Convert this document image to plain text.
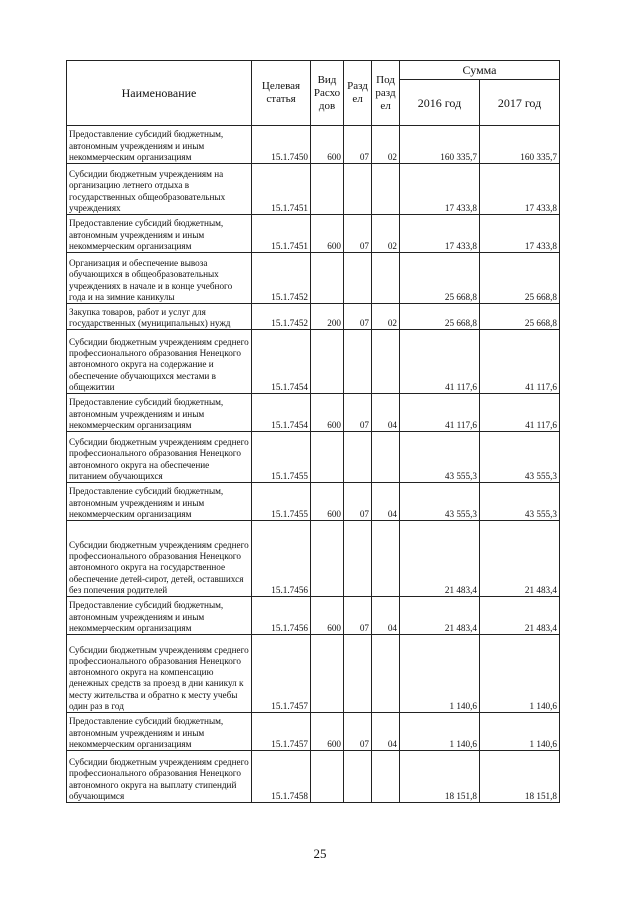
Наименование	Целевая статья	Вид Расхо дов	Разд ел	Под разд ел	Сумма	
					2016 год	2017 год
Предоставление субсидий бюджетным, автономным учреждениям и иным некоммерческим организациям	15.1.7450	600	07	02	160 335,7	160 335,7
Субсидии бюджетным учреждениям на организацию летнего отдыха в государственных общеобразовательных учреждениях	15.1.7451				17 433,8	17 433,8
Предоставление субсидий бюджетным, автономным учреждениям и иным некоммерческим организациям	15.1.7451	600	07	02	17 433,8	17 433,8
Организация и обеспечение вывоза обучающихся в общеобразовательных учреждениях в начале и в конце учебного года и на зимние каникулы	15.1.7452				25 668,8	25 668,8
Закупка товаров, работ и услуг для государственных (муниципальных) нужд	15.1.7452	200	07	02	25 668,8	25 668,8
Субсидии бюджетным учреждениям среднего профессионального образования Ненецкого автономного округа на содержание и обеспечение обучающихся местами в общежитии	15.1.7454				41 117,6	41 117,6
Предоставление субсидий бюджетным, автономным учреждениям и иным некоммерческим организациям	15.1.7454	600	07	04	41 117,6	41 117,6
Субсидии бюджетным учреждениям среднего профессионального образования Ненецкого автономного округа на обеспечение питанием обучающихся	15.1.7455				43 555,3	43 555,3
Предоставление субсидий бюджетным, автономным учреждениям и иным некоммерческим организациям	15.1.7455	600	07	04	43 555,3	43 555,3
Субсидии бюджетным учреждениям среднего профессионального образования Ненецкого автономного округа на государственное обеспечение детей-сирот, детей, оставшихся без попечения родителей	15.1.7456				21 483,4	21 483,4
Предоставление субсидий бюджетным, автономным учреждениям и иным некоммерческим организациям	15.1.7456	600	07	04	21 483,4	21 483,4
Субсидии бюджетным учреждениям среднего профессионального образования Ненецкого автономного округа на компенсацию денежных средств за проезд в дни каникул к месту жительства и обратно к месту учебы один раз в год	15.1.7457				1 140,6	1 140,6
Предоставление субсидий бюджетным, автономным учреждениям и иным некоммерческим организациям	15.1.7457	600	07	04	1 140,6	1 140,6
Субсидии бюджетным учреждениям среднего профессионального образования Ненецкого автономного округа на выплату стипендий обучающимся	15.1.7458				18 151,8	18 151,8
25
